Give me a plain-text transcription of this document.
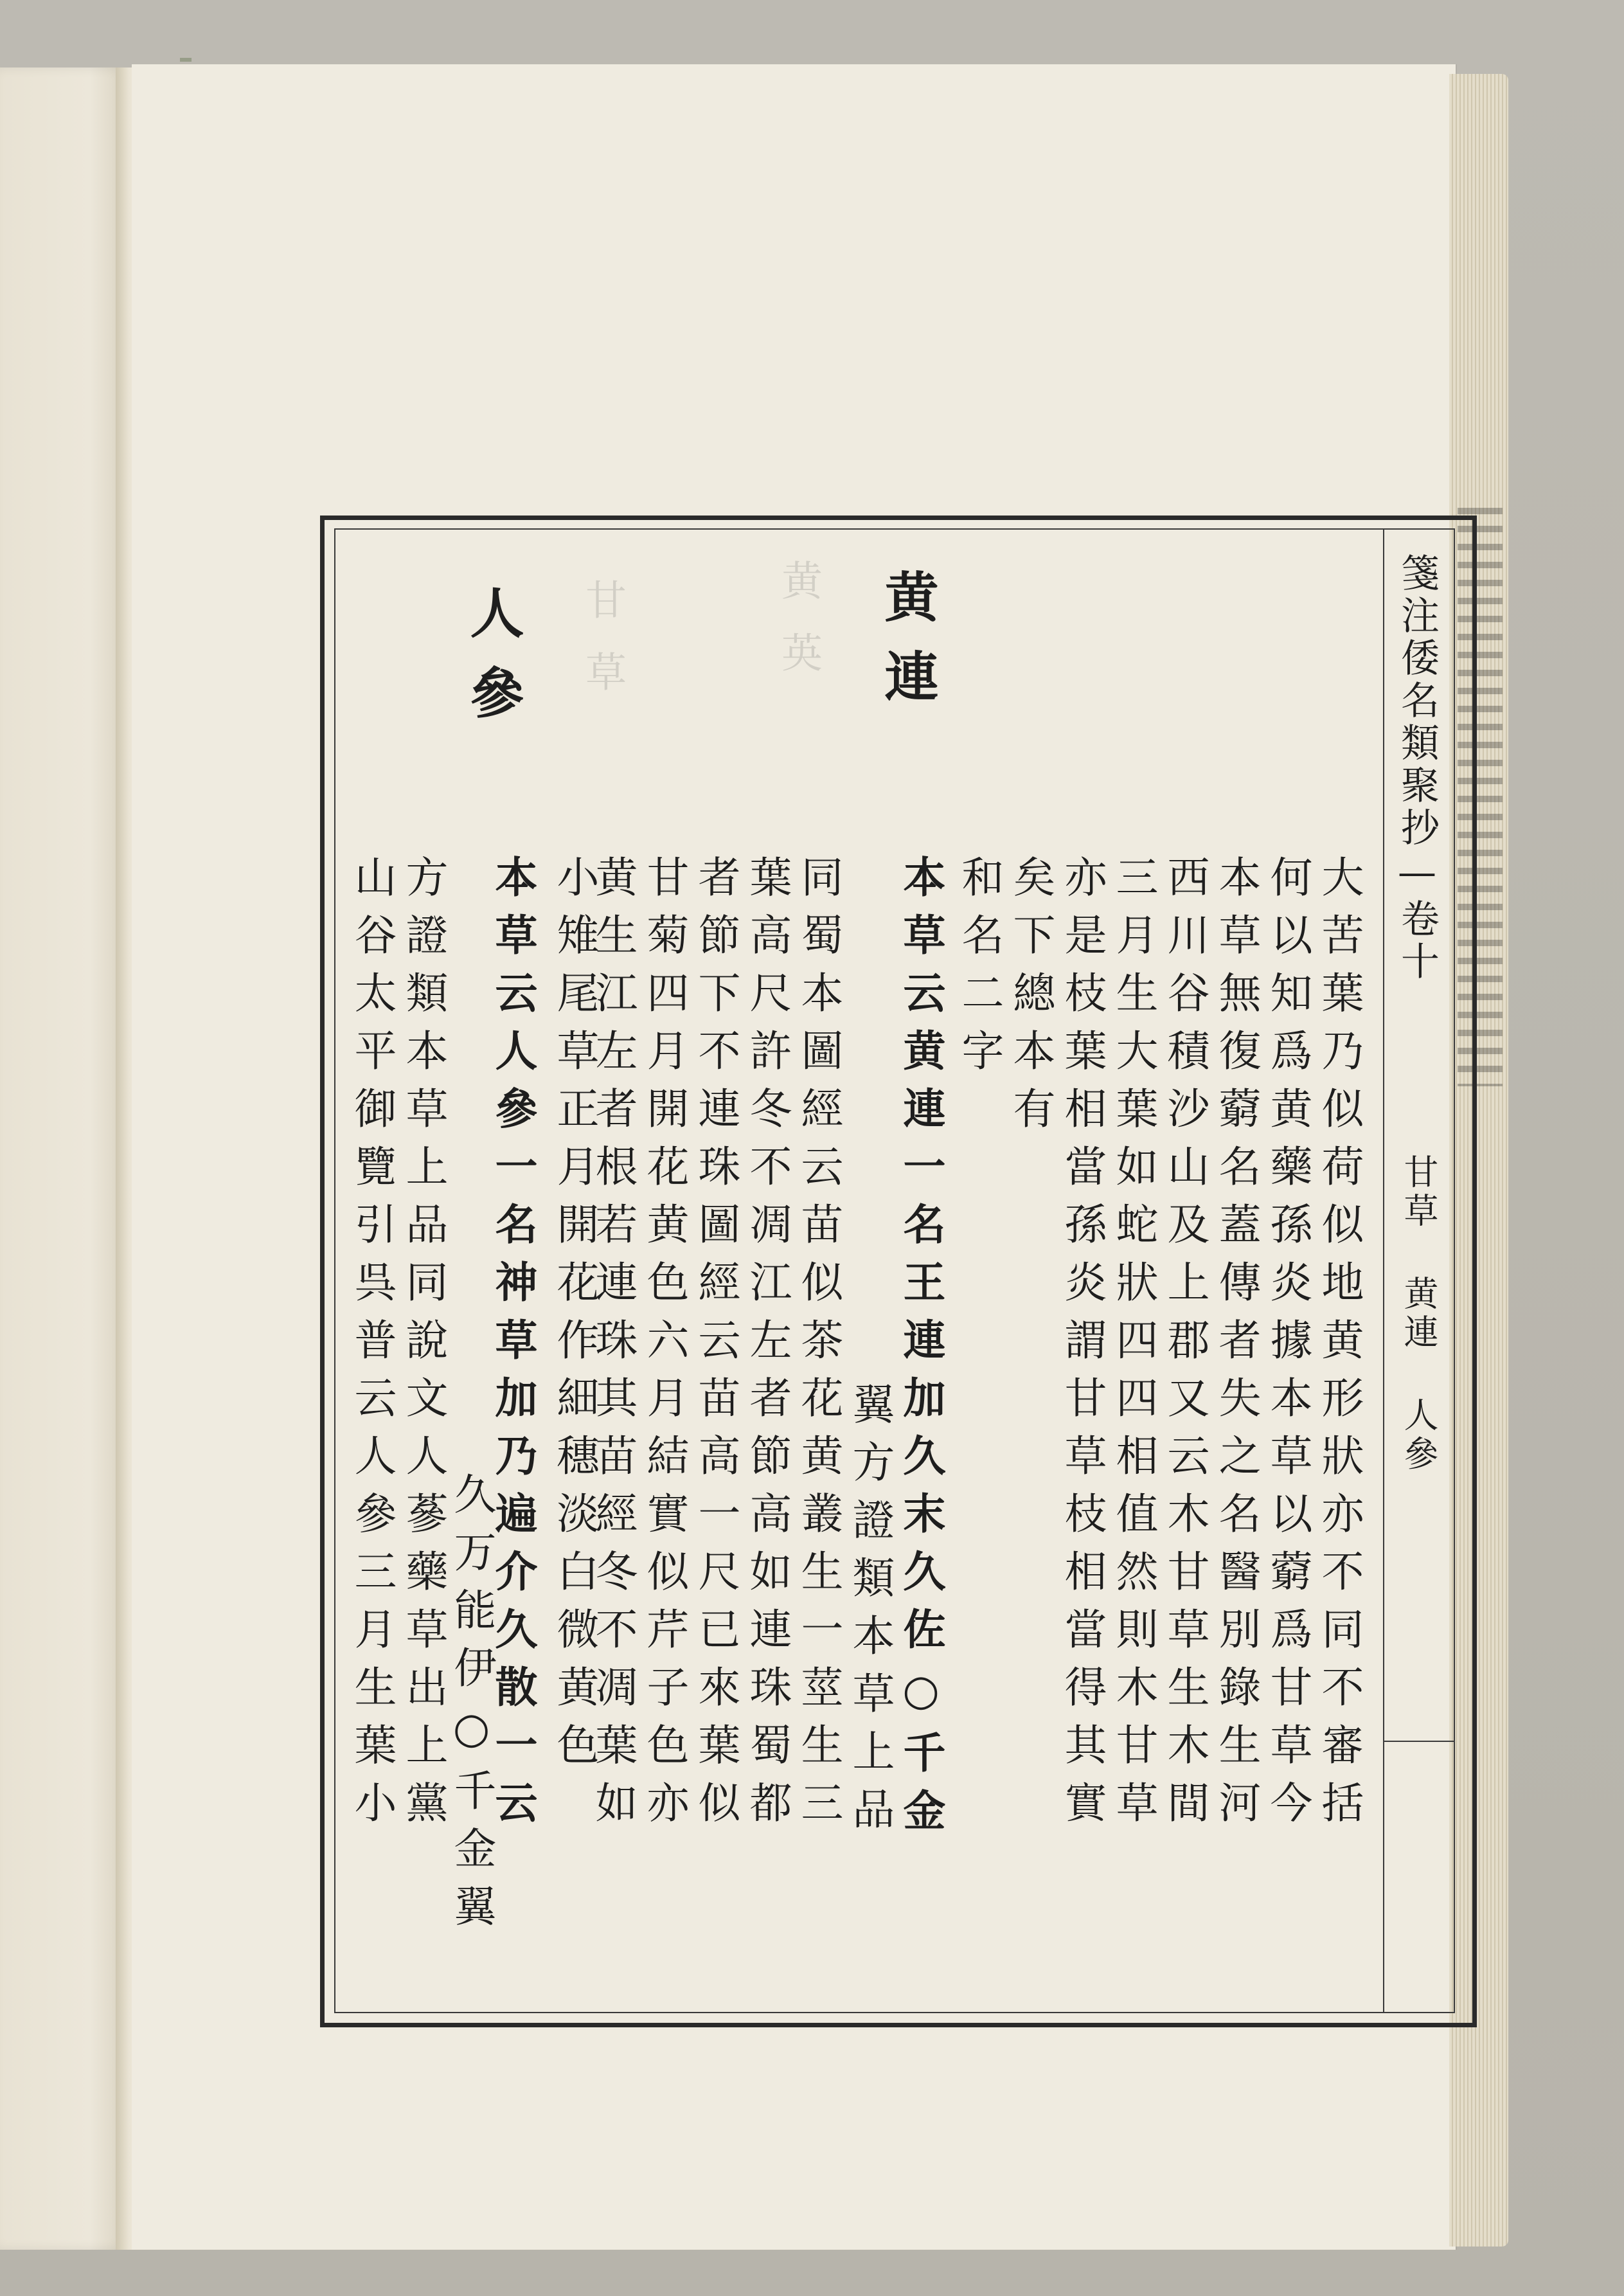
箋注倭名類聚抄—卷十
甘草 黄連 人參
黄連
人參 甘草	黄英
大苦葉乃似荷似地黄形狀亦不同不審括
何以知爲黄藥孫炎據本草以藭爲甘草今
本草無復藭名蓋傳者失之名醫別錄生河
西川谷積沙山及上郡又云木甘草生木間
三月生大葉如蛇狀四四相值然則木甘草
亦是枝葉相當孫炎謂甘草枝相當得其實
矣下總本有
和名二字
本草云黄連一名王連加久末久佐○千金
翼方證類本草上品
同蜀本圖經云苗似茶花黄叢生一莖生三
葉高尺許冬不凋江左者節高如連珠蜀都
者節下不連珠圖經云苗高一尺已來葉似
甘菊四月開花黄色六月結實似芹子色亦
黄生江左者根若連珠其苗經冬不凋葉如
小雉尾草正月開花作細穗淡白微黄色
本草云人參一名神草加乃遍介久散一云
久万能伊○千金翼
方證類本草上品同說文人蔘藥草出上黨
山谷太平御覽引呉普云人參三月生葉小
